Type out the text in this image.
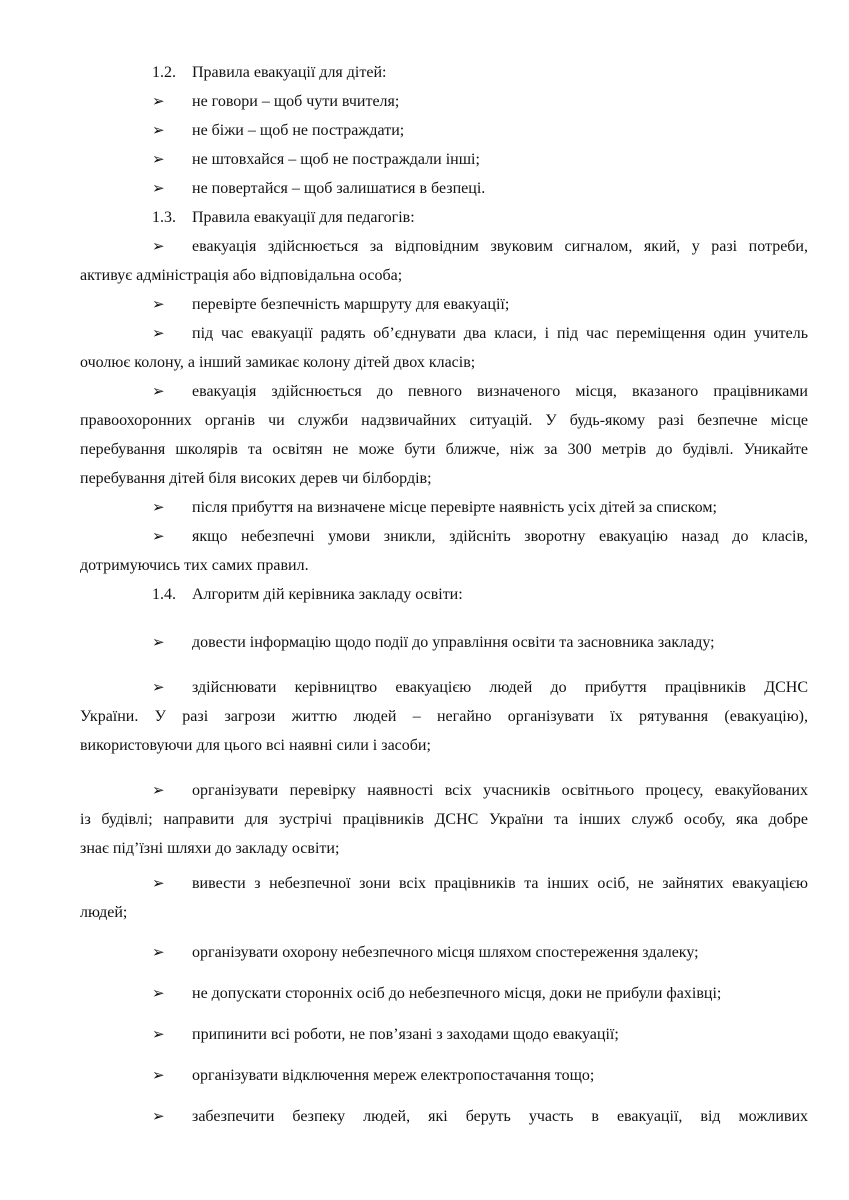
1.2. Правила евакуації для дітей:
➢ не говори – щоб чути вчителя;
➢ не біжи – щоб не постраждати;
➢ не штовхайся – щоб не постраждали інші;
➢ не повертайся – щоб залишатися в безпеці.
1.3. Правила евакуації для педагогів:
➢ евакуація здійснюється за відповідним звуковим сигналом, який, у разі потреби,
активує адміністрація або відповідальна особа;
➢ перевірте безпечність маршруту для евакуації;
➢ під час евакуації радять об’єднувати два класи, і під час переміщення один учитель
очолює колону, а інший замикає колону дітей двох класів;
➢ евакуація здійснюється до певного визначеного місця, вказаного працівниками
правоохоронних органів чи служби надзвичайних ситуацій. У будь-якому разі безпечне місце
перебування школярів та освітян не може бути ближче, ніж за 300 метрів до будівлі. Уникайте
перебування дітей біля високих дерев чи білбордів;
➢ після прибуття на визначене місце перевірте наявність усіх дітей за списком;
➢ якщо небезпечні умови зникли, здійсніть зворотну евакуацію назад до класів,
дотримуючись тих самих правил.
1.4. Алгоритм дій керівника закладу освіти:
➢ довести інформацію щодо події до управління освіти та засновника закладу;
➢ здійснювати керівництво евакуацією людей до прибуття працівників ДСНС
України. У разі загрози життю людей – негайно організувати їх рятування (евакуацію),
використовуючи для цього всі наявні сили і засоби;
➢ організувати перевірку наявності всіх учасників освітнього процесу, евакуйованих
із будівлі; направити для зустрічі працівників ДСНС України та інших служб особу, яка добре
знає під’їзні шляхи до закладу освіти;
➢ вивести з небезпечної зони всіх працівників та інших осіб, не зайнятих евакуацією
людей;
➢ організувати охорону небезпечного місця шляхом спостереження здалеку;
➢ не допускати сторонніх осіб до небезпечного місця, доки не прибули фахівці;
➢ припинити всі роботи, не пов’язані з заходами щодо евакуації;
➢ організувати відключення мереж електропостачання тощо;
➢ забезпечити безпеку людей, які беруть участь в евакуації, від можливих
